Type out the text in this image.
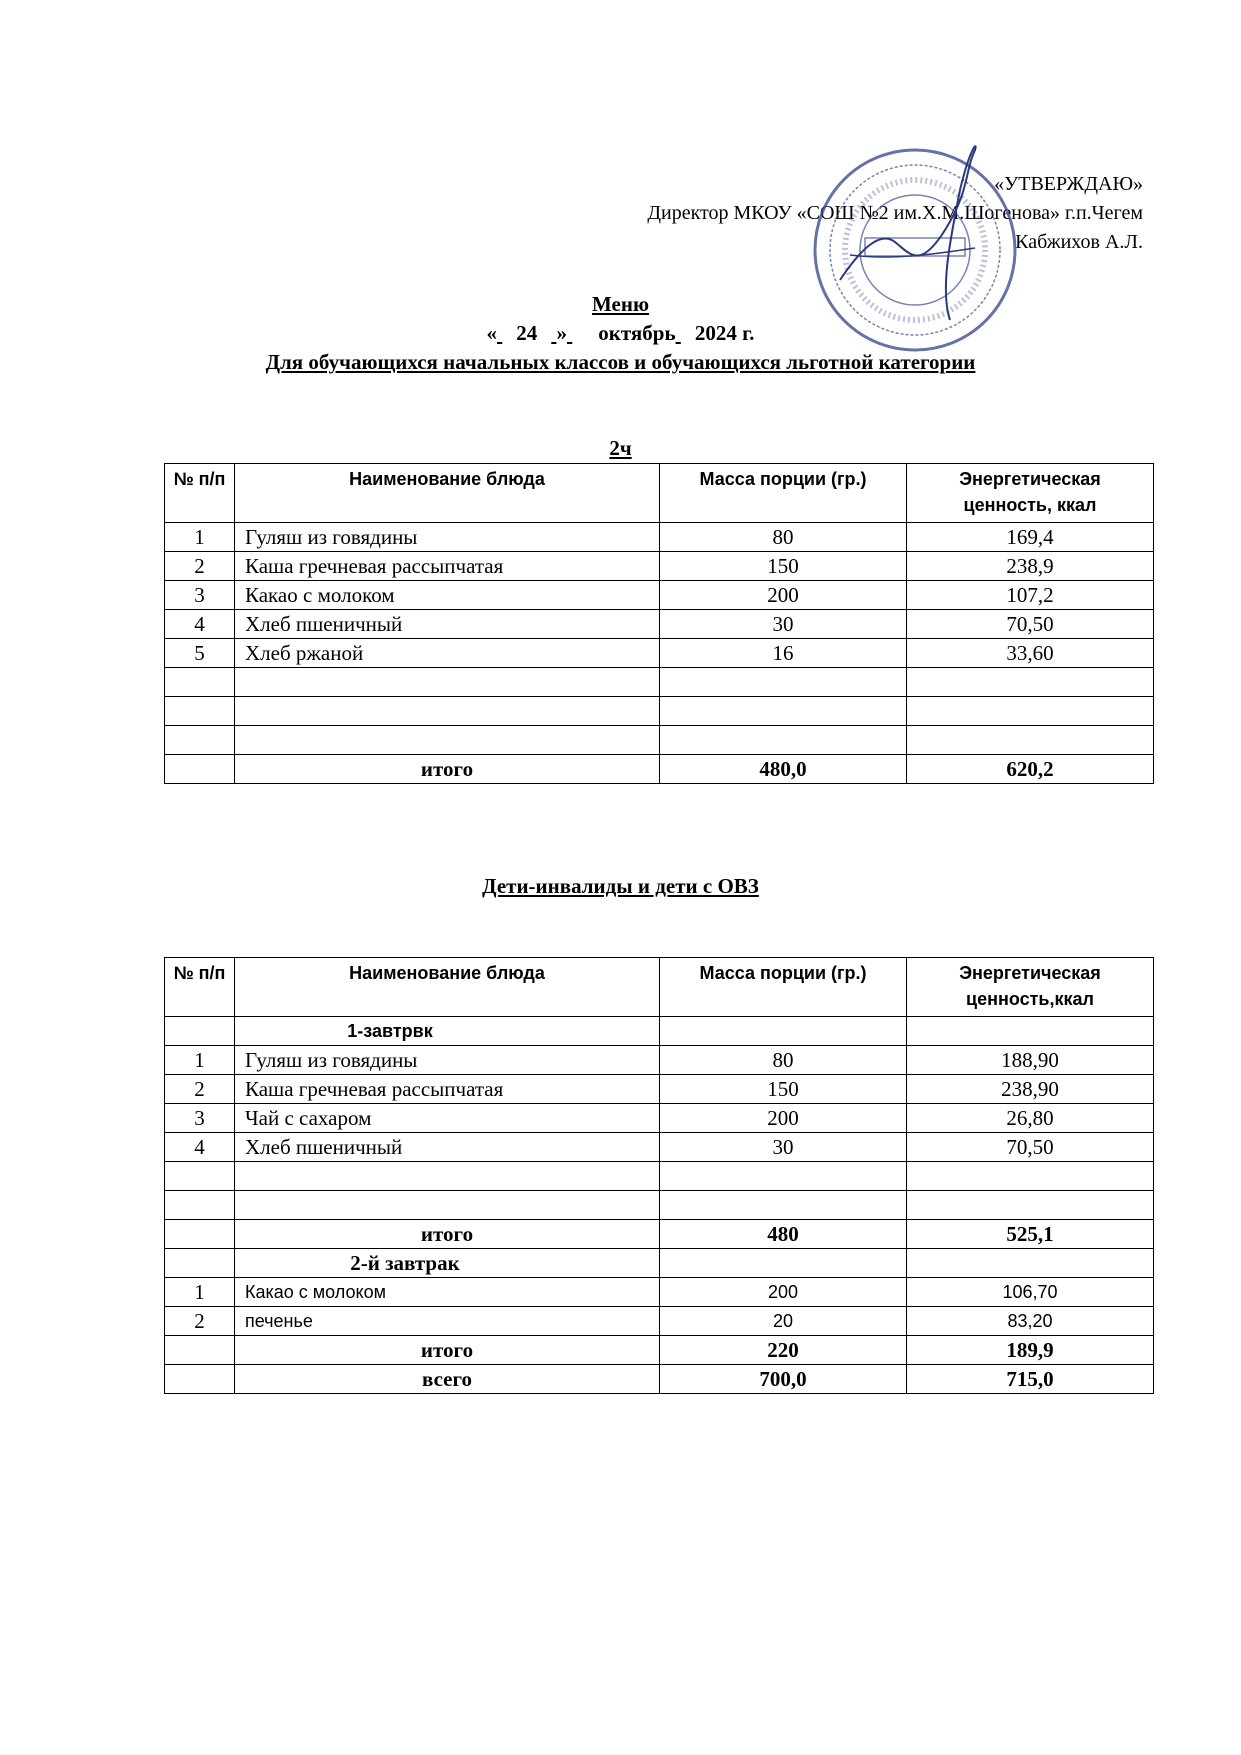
«УТВЕРЖДАЮ»
Директор МКОУ «СОШ №2 им.Х.М.Шогенова» г.п.Чегем
Кабжихов А.Л.
Меню
« 24 » октябрь 2024 г.
Для обучающихся начальных классов и обучающихся льготной категории
2ч
№ п/п	Наименование блюда	Масса порции (гр.)	Энергетическая ценность, ккал
1	Гуляш из говядины	80	169,4
2	Каша гречневая рассыпчатая	150	238,9
3	Какао с молоком	200	107,2
4	Хлеб пшеничный	30	70,50
5	Хлеб ржаной	16	33,60

	итого	480,0	620,2
Дети-инвалиды и дети с ОВЗ
№ п/п	Наименование блюда	Масса порции (гр.)	Энергетическая ценность,ккал
	1-завтрвк		
1	Гуляш из говядины	80	188,90
2	Каша гречневая рассыпчатая	150	238,90
3	Чай с сахаром	200	26,80
4	Хлеб пшеничный	30	70,50

	итого	480	525,1
	2-й завтрак		
1	Какао с молоком	200	106,70
2	печенье	20	83,20
	итого	220	189,9
	всего	700,0	715,0
